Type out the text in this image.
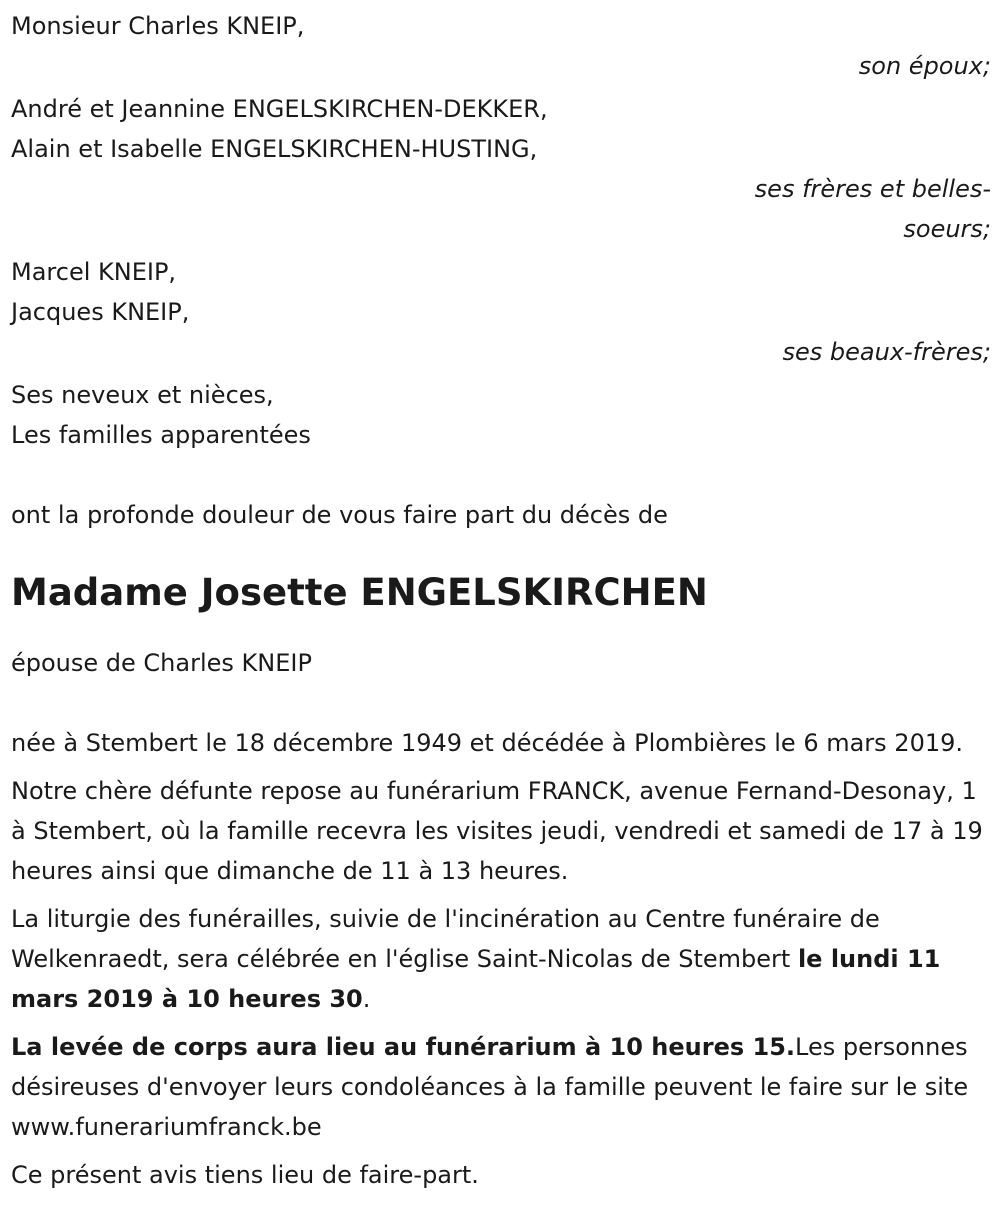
Monsieur Charles KNEIP,
son époux;
André et Jeannine ENGELSKIRCHEN-DEKKER,
Alain et Isabelle ENGELSKIRCHEN-HUSTING,
ses frères et belles-
soeurs;
Marcel KNEIP,
Jacques KNEIP,
ses beaux-frères;
Ses neveux et nièces,
Les familles apparentées
ont la profonde douleur de vous faire part du décès de
Madame Josette ENGELSKIRCHEN
épouse de Charles KNEIP

née à Stembert le 18 décembre 1949 et décédée à Plombières le 6 mars 2019.

Notre chère défunte repose au funérarium FRANCK, avenue Fernand-Desonay, 1 à Stembert, où la famille recevra les visites jeudi, vendredi et samedi de 17 à 19 heures ainsi que dimanche de 11 à 13 heures.

La liturgie des funérailles, suivie de l'incinération au Centre funéraire de Welkenraedt, sera célébrée en l'église Saint-Nicolas de Stembert le lundi 11 mars 2019 à 10 heures 30.

La levée de corps aura lieu au funérarium à 10 heures 15.Les personnes désireuses d'envoyer leurs condoléances à la famille peuvent le faire sur le site www.funerariumfranck.be

Ce présent avis tiens lieu de faire-part.
